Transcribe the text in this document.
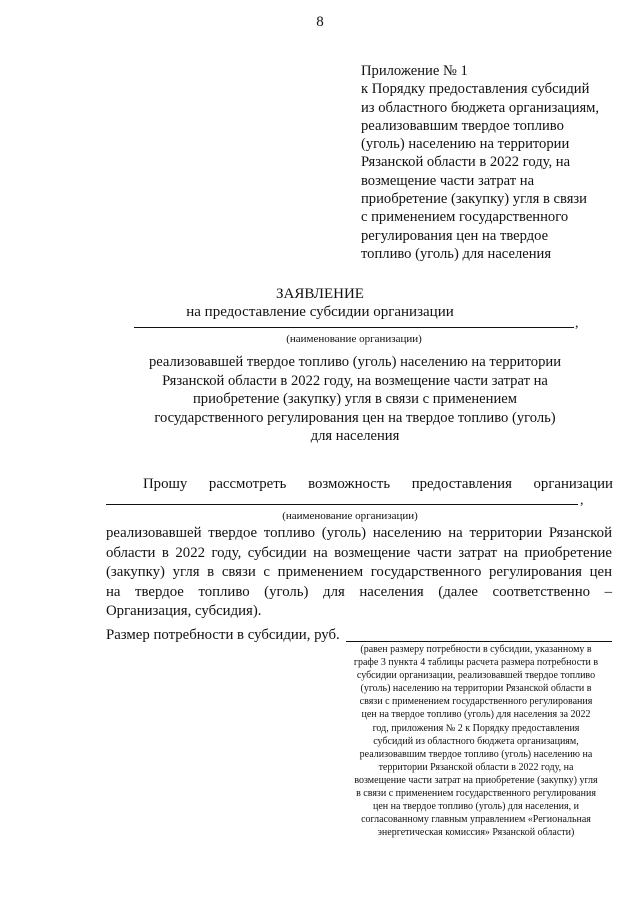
8
Приложение № 1
к Порядку предоставления субсидий
из областного бюджета организациям,
реализовавшим твердое топливо
(уголь) населению на территории
Рязанской области в 2022 году, на
возмещение части затрат на
приобретение (закупку) угля в связи
с применением государственного
регулирования цен на твердое
топливо (уголь) для населения
ЗАЯВЛЕНИЕ
на предоставление субсидии организации
,
(наименование организации)
реализовавшей твердое топливо (уголь) населению на территории
Рязанской области в 2022 году, на возмещение части затрат на
приобретение (закупку) угля в связи с применением
государственного регулирования цен на твердое топливо (уголь)
для населения
Прошу рассмотреть возможность предоставления организации
,
(наименование организации)
реализовавшей твердое топливо (уголь) населению на территории Рязанской
области в 2022 году, субсидии на возмещение части затрат на приобретение
(закупку) угля в связи с применением государственного регулирования цен
на твердое топливо (уголь) для населения (далее соответственно –
Организация, субсидия).
Размер потребности в субсидии, руб.
(равен размеру потребности в субсидии, указанному в
графе 3 пункта 4 таблицы расчета размера потребности в
субсидии организации, реализовавшей твердое топливо
(уголь) населению на территории Рязанской области в
связи с применением государственного регулирования
цен на твердое топливо (уголь) для населения за 2022
год, приложения № 2 к Порядку предоставления
субсидий из областного бюджета организациям,
реализовавшим твердое топливо (уголь) населению на
территории Рязанской области в 2022 году, на
возмещение части затрат на приобретение (закупку) угля
в связи с применением государственного регулирования
цен на твердое топливо (уголь) для населения, и
согласованному главным управлением «Региональная
энергетическая комиссия» Рязанской области)
